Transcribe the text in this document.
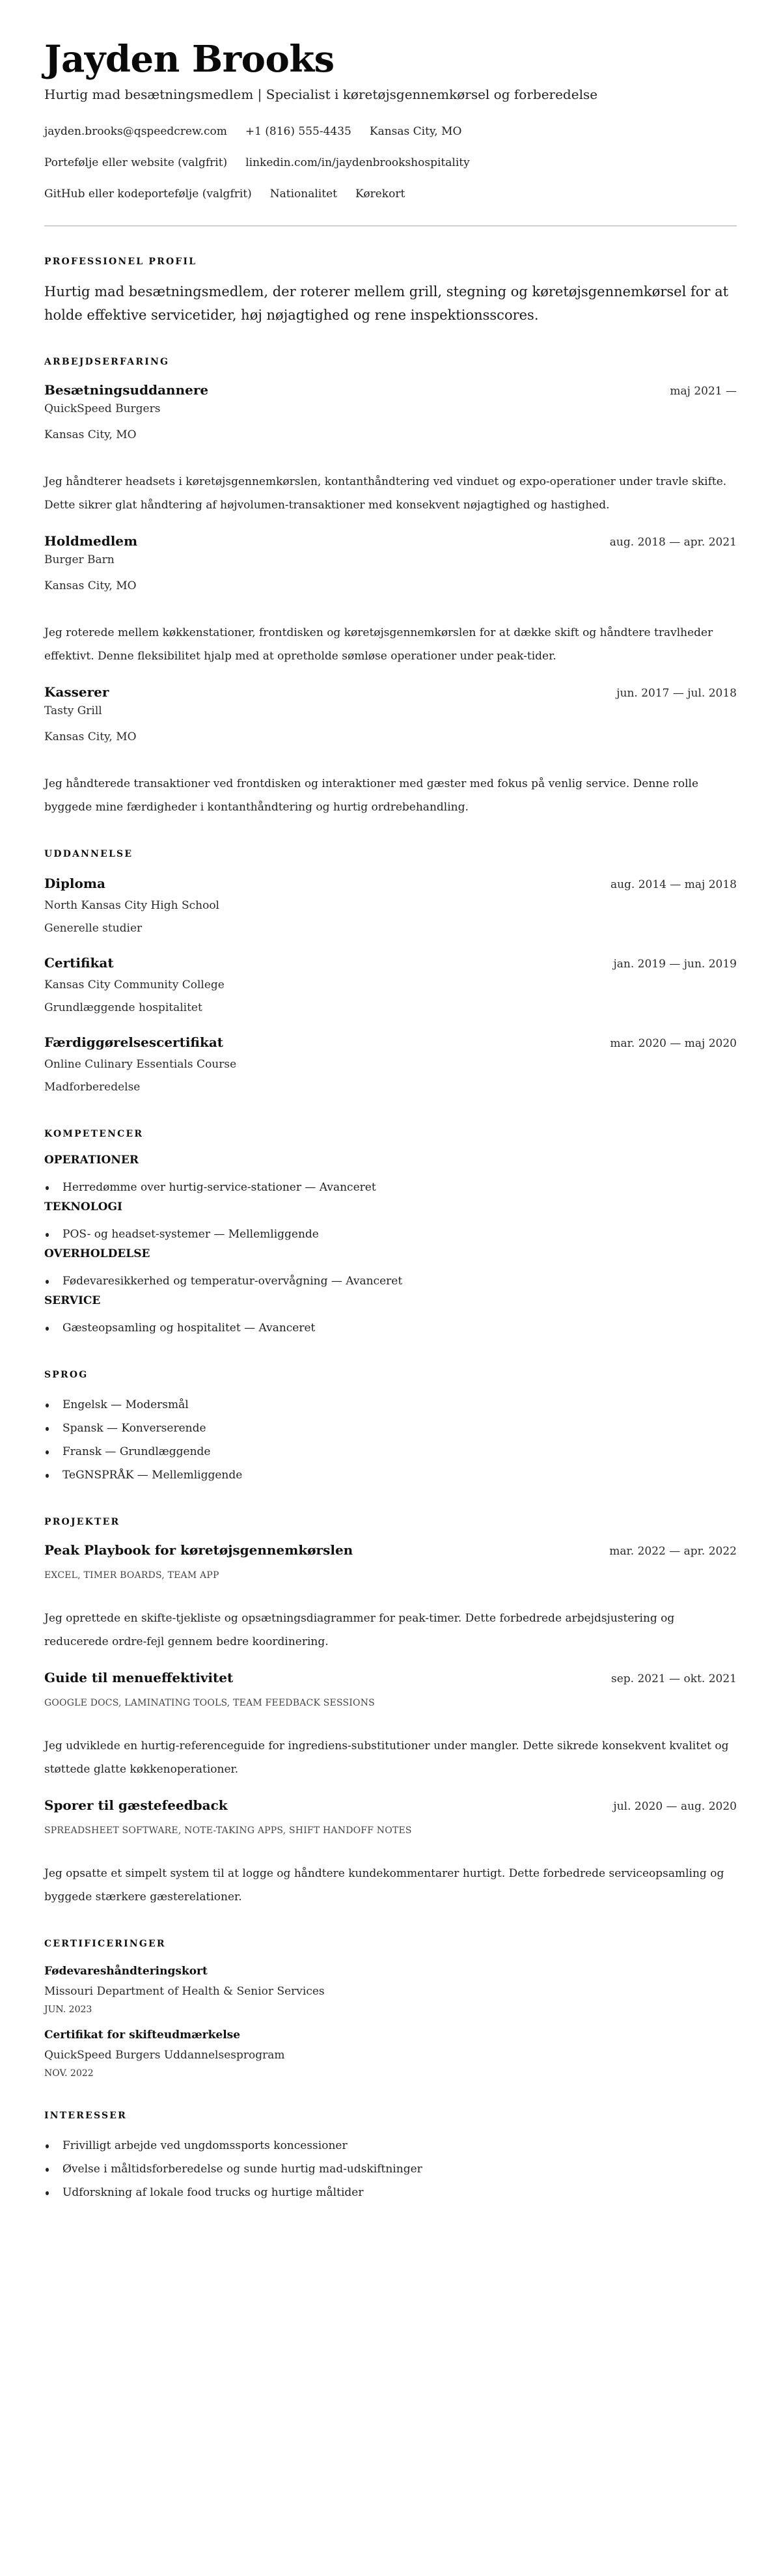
Jayden Brooks

Hurtig mad besætningsmedlem | Specialist i køretøjsgennemkørsel og forberedelse

jayden.brooks@qspeedcrew.com +1 (816) 555-4435 Kansas City, MO
Portefølje eller website (valgfrit) linkedin.com/in/jaydenbrookshospitality
GitHub eller kodeportefølje (valgfrit) Nationalitet Kørekort
PROFESSIONEL PROFIL

Hurtig mad besætningsmedlem, der roterer mellem grill, stegning og køretøjsgennemkørsel for at holde effektive servicetider, høj nøjagtighed og rene inspektionsscores.

ARBEJDSERFARING
Besætningsuddannere	maj 2021 —
QuickSpeed Burgers
Kansas City, MO

Jeg håndterer headsets i køretøjsgennemkørslen, kontanthåndtering ved vinduet og expo-operationer under travle skifte. Dette sikrer glat håndtering af højvolumen-transaktioner med konsekvent nøjagtighed og hastighed.

Holdmedlem	aug. 2018 — apr. 2021
Burger Barn
Kansas City, MO

Jeg roterede mellem køkkenstationer, frontdisken og køretøjsgennemkørslen for at dække skift og håndtere travlheder effektivt. Denne fleksibilitet hjalp med at opretholde sømløse operationer under peak-tider.

Kasserer	jun. 2017 — jul. 2018
Tasty Grill
Kansas City, MO

Jeg håndterede transaktioner ved frontdisken og interaktioner med gæster med fokus på venlig service. Denne rolle byggede mine færdigheder i kontanthåndtering og hurtig ordrebehandling.

UDDANNELSE
Diploma	aug. 2014 — maj 2018
North Kansas City High School
Generelle studier
Certifikat	jan. 2019 — jun. 2019
Kansas City Community College
Grundlæggende hospitalitet
Færdiggørelsescertifikat	mar. 2020 — maj 2020
Online Culinary Essentials Course
Madforberedelse
KOMPETENCER
OPERATIONER
Herredømme over hurtig-service-stationer — Avanceret
TEKNOLOGI
POS- og headset-systemer — Mellemliggende
OVERHOLDELSE
Fødevaresikkerhed og temperatur-overvågning — Avanceret
SERVICE
Gæsteopsamling og hospitalitet — Avanceret
SPROG
Engelsk — Modersmål
Spansk — Konverserende
Fransk — Grundlæggende
TeGNSPRÅK — Mellemliggende
PROJEKTER
Peak Playbook for køretøjsgennemkørslen	mar. 2022 — apr. 2022
EXCEL, TIMER BOARDS, TEAM APP

Jeg oprettede en skifte-tjekliste og opsætningsdiagrammer for peak-timer. Dette forbedrede arbejdsjustering og reducerede ordre-fejl gennem bedre koordinering.

Guide til menueffektivitet	sep. 2021 — okt. 2021
GOOGLE DOCS, LAMINATING TOOLS, TEAM FEEDBACK SESSIONS

Jeg udviklede en hurtig-referenceguide for ingrediens-substitutioner under mangler. Dette sikrede konsekvent kvalitet og støttede glatte køkkenoperationer.

Sporer til gæstefeedback	jul. 2020 — aug. 2020
SPREADSHEET SOFTWARE, NOTE-TAKING APPS, SHIFT HANDOFF NOTES

Jeg opsatte et simpelt system til at logge og håndtere kundekommentarer hurtigt. Dette forbedrede serviceopsamling og byggede stærkere gæsterelationer.

CERTIFICERINGER
Fødevareshåndteringskort
Missouri Department of Health & Senior Services
JUN. 2023
Certifikat for skifteudmærkelse
QuickSpeed Burgers Uddannelsesprogram
NOV. 2022
INTERESSER
Frivilligt arbejde ved ungdomssports koncessioner
Øvelse i måltidsforberedelse og sunde hurtig mad-udskiftninger
Udforskning af lokale food trucks og hurtige måltider
